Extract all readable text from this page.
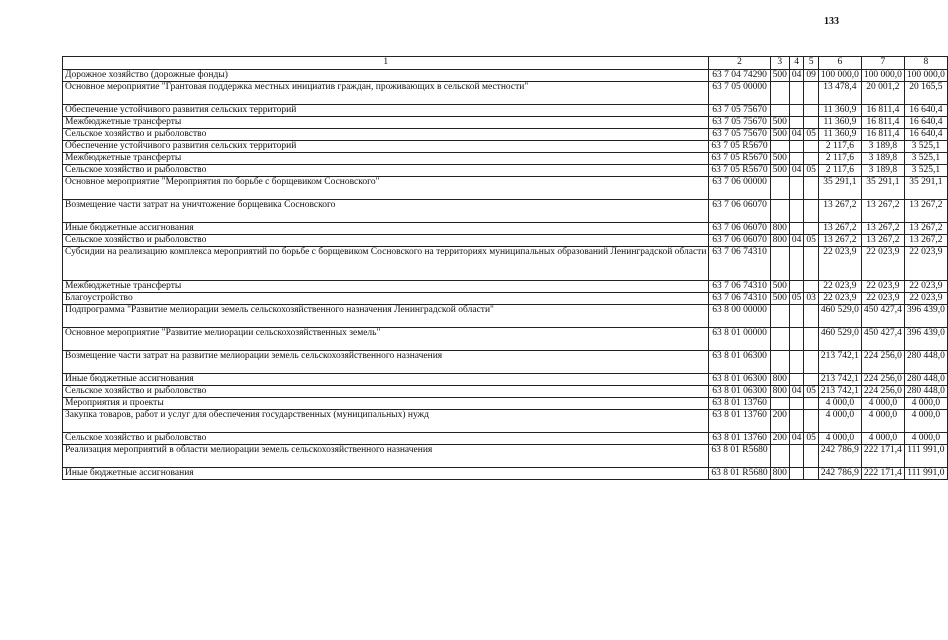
133
1	2	3	4	5	6	7	8
Дорожное хозяйство (дорожные фонды)	63 7 04 74290	500	04	09	100 000,0	100 000,0	100 000,0
Основное мероприятие "Грантовая поддержка местных инициатив граждан, проживающих в сельской местности"	63 7 05 00000				13 478,4	20 001,2	20 165,5
Обеспечение устойчивого развития сельских территорий	63 7 05 75670				11 360,9	16 811,4	16 640,4
Межбюджетные трансферты	63 7 05 75670	500			11 360,9	16 811,4	16 640,4
Сельское хозяйство и рыболовство	63 7 05 75670	500	04	05	11 360,9	16 811,4	16 640,4
Обеспечение устойчивого развития сельских территорий	63 7 05 R5670				2 117,6	3 189,8	3 525,1
Межбюджетные трансферты	63 7 05 R5670	500			2 117,6	3 189,8	3 525,1
Сельское хозяйство и рыболовство	63 7 05 R5670	500	04	05	2 117,6	3 189,8	3 525,1
Основное мероприятие "Мероприятия по борьбе с борщевиком Сосновского"	63 7 06 00000				35 291,1	35 291,1	35 291,1
Возмещение части затрат на уничтожение борщевика Сосновского	63 7 06 06070				13 267,2	13 267,2	13 267,2
Иные бюджетные ассигнования	63 7 06 06070	800			13 267,2	13 267,2	13 267,2
Сельское хозяйство и рыболовство	63 7 06 06070	800	04	05	13 267,2	13 267,2	13 267,2
Субсидии на реализацию комплекса мероприятий по борьбе с борщевиком Сосновского на территориях муниципальных образований Ленинградской области	63 7 06 74310				22 023,9	22 023,9	22 023,9
Межбюджетные трансферты	63 7 06 74310	500			22 023,9	22 023,9	22 023,9
Благоустройство	63 7 06 74310	500	05	03	22 023,9	22 023,9	22 023,9
Подпрограмма "Развитие мелиорации земель сельскохозяйственного назначения Ленинградской области"	63 8 00 00000				460 529,0	450 427,4	396 439,0
Основное мероприятие "Развитие мелиорации сельскохозяйственных земель"	63 8 01 00000				460 529,0	450 427,4	396 439,0
Возмещение части затрат на развитие мелиорации земель сельскохозяйственного назначения	63 8 01 06300				213 742,1	224 256,0	280 448,0
Иные бюджетные ассигнования	63 8 01 06300	800			213 742,1	224 256,0	280 448,0
Сельское хозяйство и рыболовство	63 8 01 06300	800	04	05	213 742,1	224 256,0	280 448,0
Мероприятия и проекты	63 8 01 13760				4 000,0	4 000,0	4 000,0
Закупка товаров, работ и услуг для обеспечения государственных (муниципальных) нужд	63 8 01 13760	200			4 000,0	4 000,0	4 000,0
Сельское хозяйство и рыболовство	63 8 01 13760	200	04	05	4 000,0	4 000,0	4 000,0
Реализация мероприятий в области мелиорации земель сельскохозяйственного назначения	63 8 01 R5680				242 786,9	222 171,4	111 991,0
Иные бюджетные ассигнования	63 8 01 R5680	800			242 786,9	222 171,4	111 991,0
